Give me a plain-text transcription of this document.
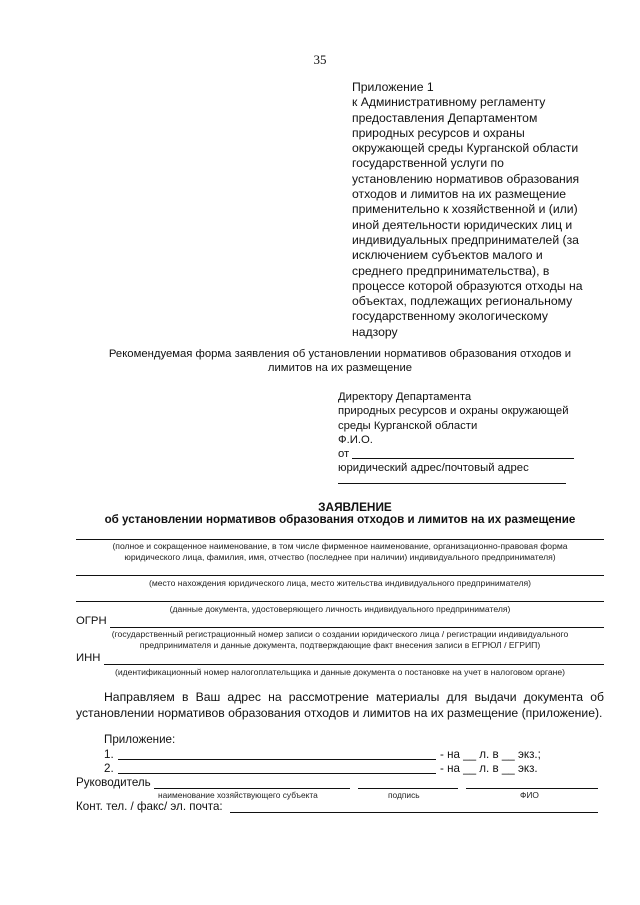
35
Приложение 1
к Административному регламенту
предоставления Департаментом
природных ресурсов и охраны
окружающей среды Курганской области
государственной услуги по
установлению нормативов образования
отходов и лимитов на их размещение
применительно к хозяйственной и (или)
иной деятельности юридических лиц и
индивидуальных предпринимателей (за
исключением субъектов малого и
среднего предпринимательства), в
процессе которой образуются отходы на
объектах, подлежащих региональному
государственному экологическому
надзору
Рекомендуемая форма заявления об установлении нормативов образования отходов и
лимитов на их размещение
Директору Департамента
природных ресурсов и охраны окружающей
среды Курганской области
Ф.И.О.
от
юридический адрес/почтовый адрес
ЗАЯВЛЕНИЕ
об установлении нормативов образования отходов и лимитов на их размещение
(полное и сокращенное наименование, в том числе фирменное наименование, организационно-правовая форма
юридического лица, фамилия, имя, отчество (последнее при наличии) индивидуального предпринимателя)
(место нахождения юридического лица, место жительства индивидуального предпринимателя)
(данные документа, удостоверяющего личность индивидуального предпринимателя)
ОГРН
(государственный регистрационный номер записи о создании юридического лица / регистрации индивидуального
предпринимателя и данные документа, подтверждающие факт внесения записи в ЕГРЮЛ / ЕГРИП)
ИНН
(идентификационный номер налогоплательщика и данные документа о постановке на учет в налоговом органе)
Направляем в Ваш адрес на рассмотрение материалы для выдачи документа об установлении нормативов образования отходов и лимитов на их размещение (приложение).
Приложение:
1.	- на __ л. в __ экз.;
2.	- на __ л. в __ экз.
Руководитель
наименование хозяйствующего субъекта	подпись	ФИО
Конт. тел. / факс/ эл. почта:
